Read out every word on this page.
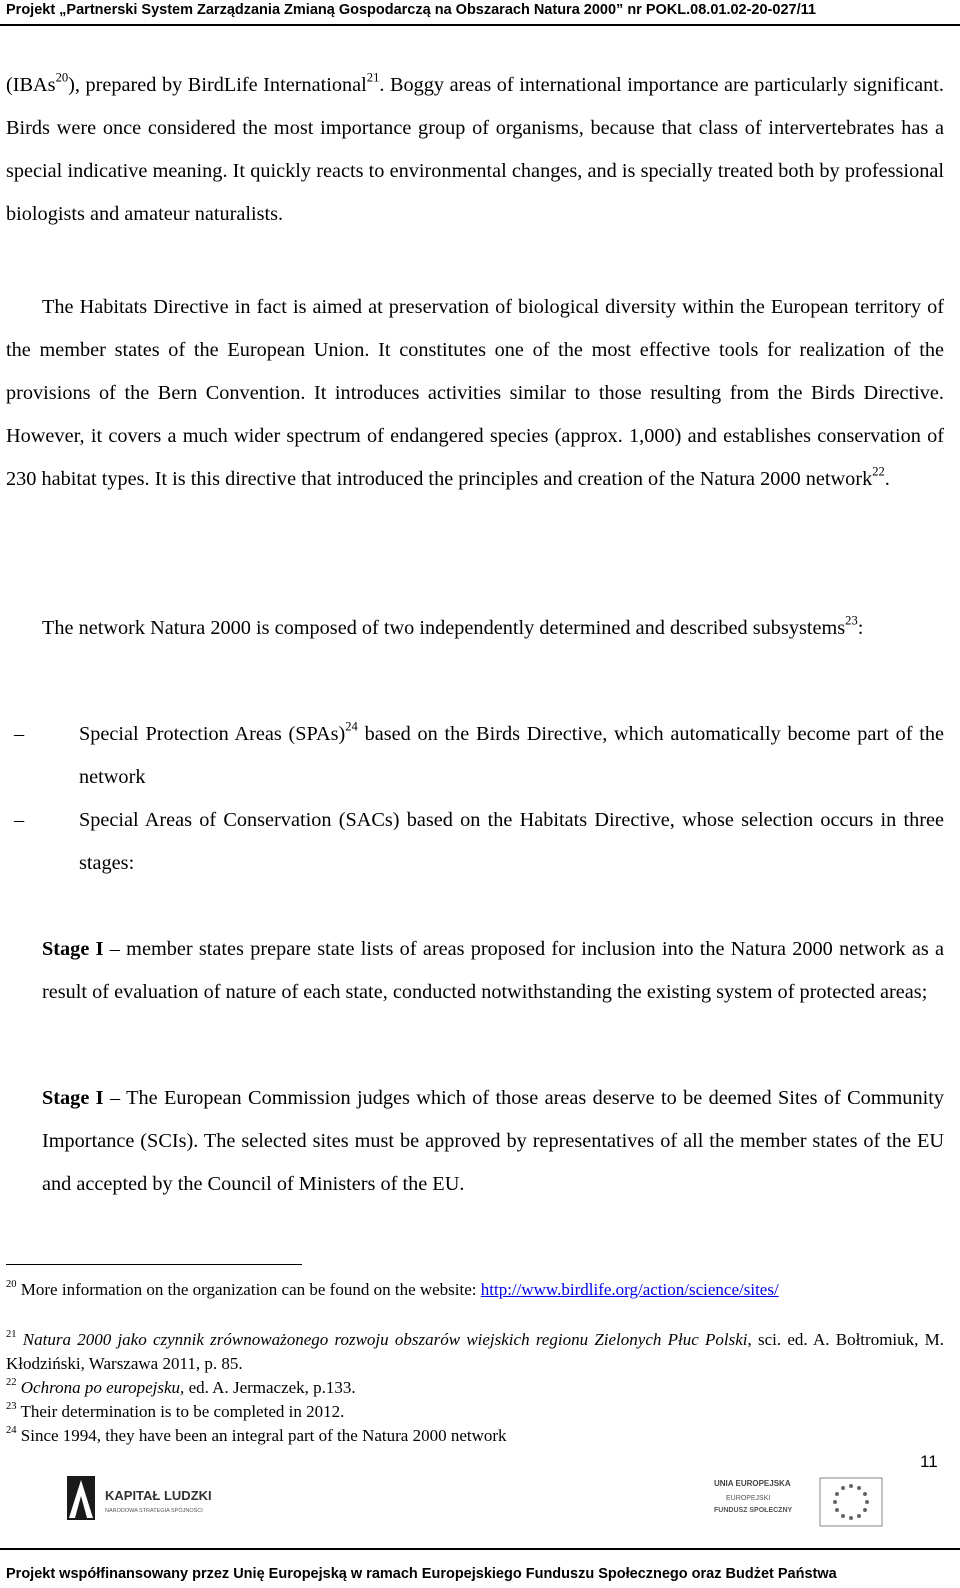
Projekt „Partnerski System Zarządzania Zmianą Gospodarczą na Obszarach Natura 2000” nr POKL.08.01.02-20-027/11
(IBAs$^{20}$), prepared by BirdLife International$^{21}$. Boggy areas of international importance are particularly significant. Birds were once considered the most importance group of organisms, because that class of intervertebrates has a special indicative meaning. It quickly reacts to environmental changes, and is specially treated both by professional biologists and amateur naturalists.
The Habitats Directive in fact is aimed at preservation of biological diversity within the European territory of the member states of the European Union. It constitutes one of the most effective tools for realization of the provisions of the Bern Convention. It introduces activities similar to those resulting from the Birds Directive. However, it covers a much wider spectrum of endangered species (approx. 1,000) and establishes conservation of 230 habitat types. It is this directive that introduced the principles and creation of the Natura 2000 network$^{22}$.
The network Natura 2000 is composed of two independently determined and described subsystems$^{23}$:
–	Special Protection Areas (SPAs)$^{24}$ based on the Birds Directive, which automatically become part of the network
–	Special Areas of Conservation (SACs) based on the Habitats Directive, whose selection occurs in three stages:
Stage I – member states prepare state lists of areas proposed for inclusion into the Natura 2000 network as a result of evaluation of nature of each state, conducted notwithstanding the existing system of protected areas;
Stage I – The European Commission judges which of those areas deserve to be deemed Sites of Community Importance (SCIs). The selected sites must be approved by representatives of all the member states of the EU and accepted by the Council of Ministers of the EU.
$^{20}$ More information on the organization can be found on the website: http://www.birdlife.org/action/science/sites/
$^{21}$ Natura 2000 jako czynnik zrównoważonego rozwoju obszarów wiejskich regionu Zielonych Płuc Polski, sci. ed. A. Bołtromiuk, M. Kłodziński, Warszawa 2011, p. 85.
$^{22}$ Ochrona po europejsku, ed. A. Jermaczek, p.133.
$^{23}$ Their determination is to be completed in 2012.
$^{24}$ Since 1994, they have been an integral part of the Natura 2000 network
11
KAPITAŁ LUDZKI
NARODOWA STRATEGIA SPÓJNOŚCI
UNIA EUROPEJSKA
EUROPEJSKI
FUNDUSZ SPOŁECZNY
Projekt współfinansowany przez Unię Europejską w ramach Europejskiego Funduszu Społecznego oraz Budżet Państwa
